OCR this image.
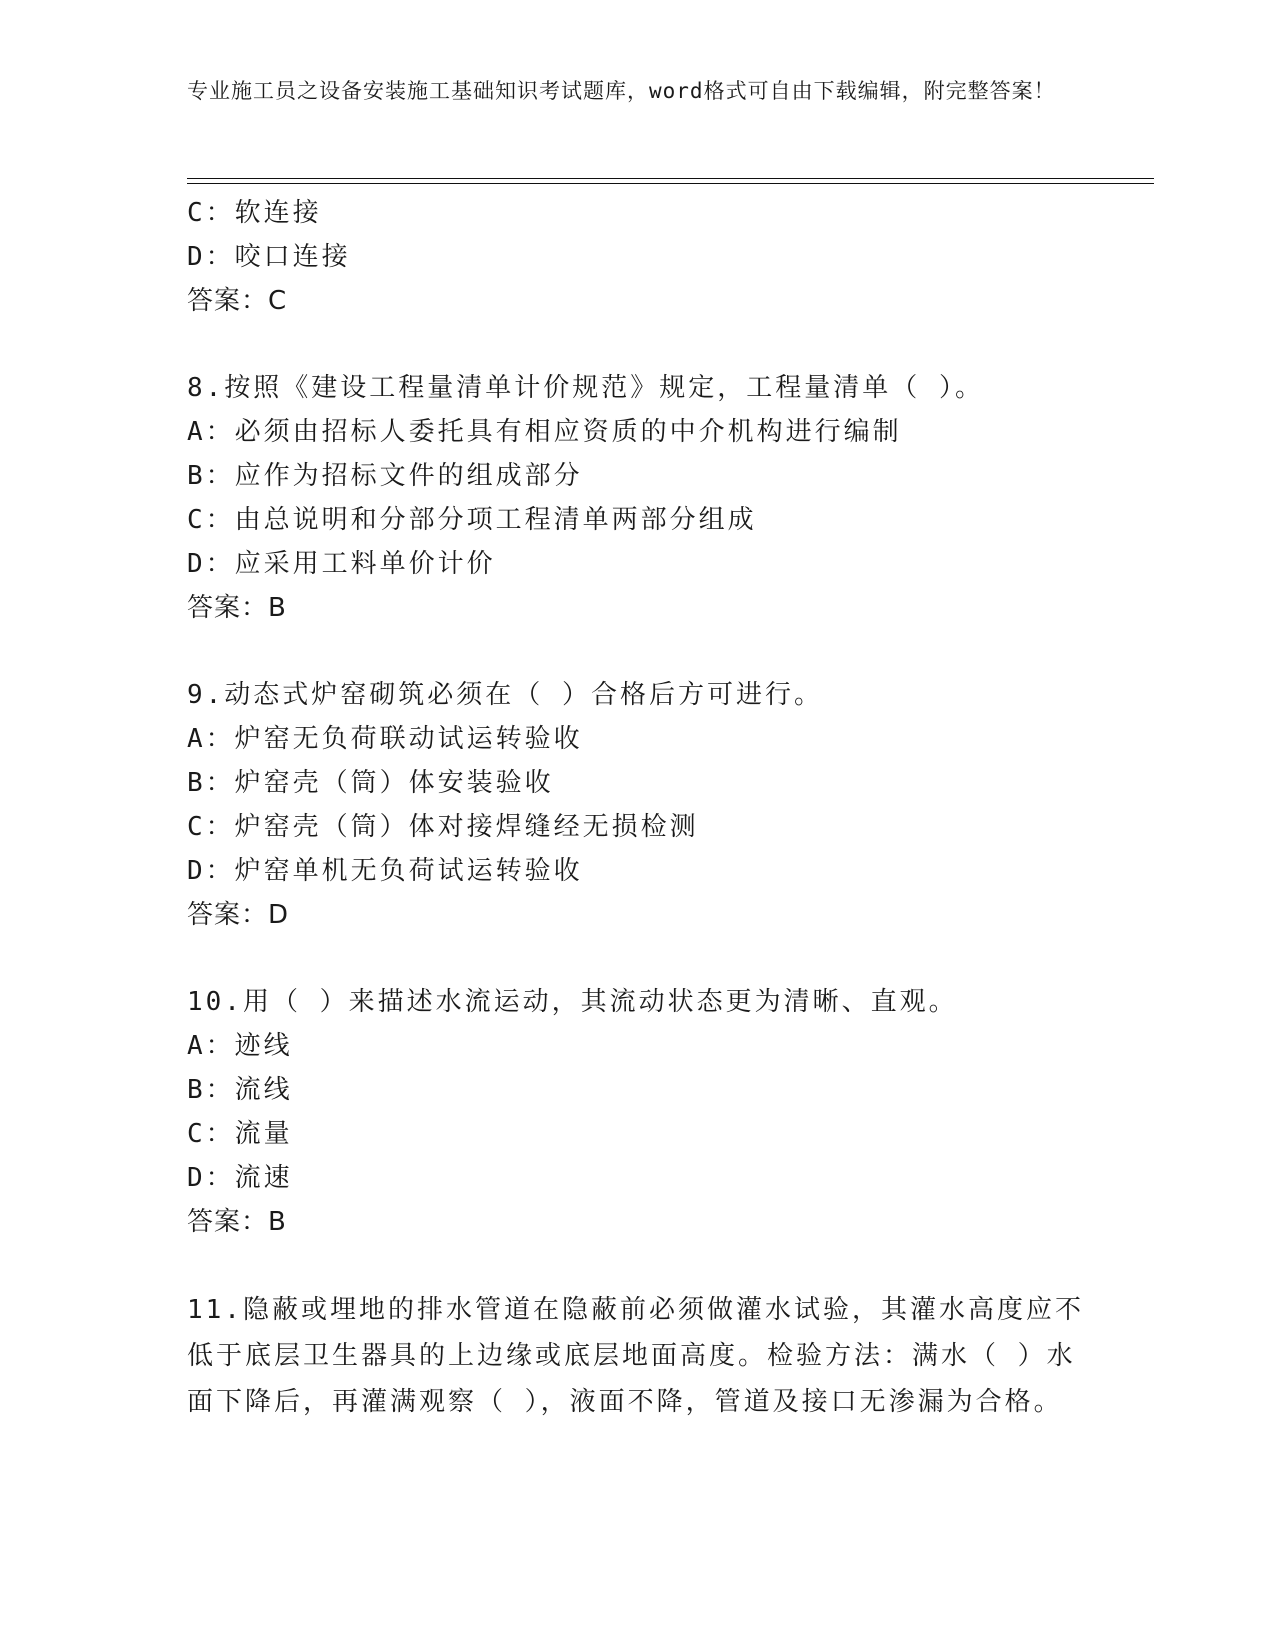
专业施工员之设备安装施工基础知识考试题库，word格式可自由下载编辑，附完整答案！
C：软连接
D：咬口连接
答案：C
8.按照《建设工程量清单计价规范》规定，工程量清单（ ）。
A：必须由招标人委托具有相应资质的中介机构进行编制
B：应作为招标文件的组成部分
C：由总说明和分部分项工程清单两部分组成
D：应采用工料单价计价
答案：B
9.动态式炉窑砌筑必须在（ ）合格后方可进行。
A：炉窑无负荷联动试运转验收
B：炉窑壳（筒）体安装验收
C：炉窑壳（筒）体对接焊缝经无损检测
D：炉窑单机无负荷试运转验收
答案：D
10.用（ ）来描述水流运动，其流动状态更为清晰、直观。
A：迹线
B：流线
C：流量
D：流速
答案：B
11.隐蔽或埋地的排水管道在隐蔽前必须做灌水试验，其灌水高度应不低于底层卫生器具的上边缘或底层地面高度。检验方法：满水（ ）水面下降后，再灌满观察（ ），液面不降，管道及接口无渗漏为合格。
